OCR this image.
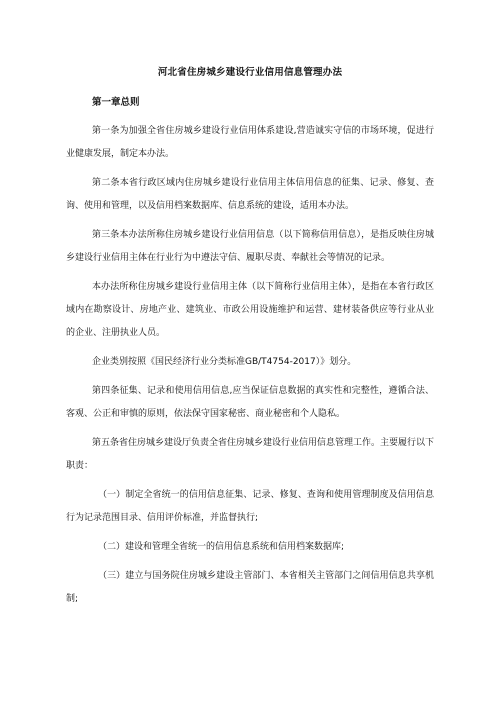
河北省住房城乡建设行业信用信息管理办法
第一章总则

第一条为加强全省住房城乡建设行业信用体系建设,营造诚实守信的市场环境，促进行业健康发展，制定本办法。

第二条本省行政区域内住房城乡建设行业信用主体信用信息的征集、记录、修复、查询、使用和管理，以及信用档案数据库、信息系统的建设，适用本办法。

第三条本办法所称住房城乡建设行业信用信息（以下简称信用信息），是指反映住房城乡建设行业信用主体在行业行为中遵法守信、履职尽责、奉献社会等情况的记录。

本办法所称住房城乡建设行业信用主体（以下简称行业信用主体），是指在本省行政区域内在勘察设计、房地产业、建筑业、市政公用设施维护和运营、建材装备供应等行业从业的企业、注册执业人员。

企业类别按照《国民经济行业分类标准GB/T4754-2017）》划分。

第四条征集、记录和使用信用信息,应当保证信息数据的真实性和完整性，遵循合法、客观、公正和审慎的原则，依法保守国家秘密、商业秘密和个人隐私。

第五条省住房城乡建设厅负责全省住房城乡建设行业信用信息管理工作。主要履行以下职责：

（一）制定全省统一的信用信息征集、记录、修复、查询和使用管理制度及信用信息行为记录范围目录、信用评价标准，并监督执行;

（二）建设和管理全省统一的信用信息系统和信用档案数据库;

（三）建立与国务院住房城乡建设主管部门、本省相关主管部门之间信用信息共享机制;
